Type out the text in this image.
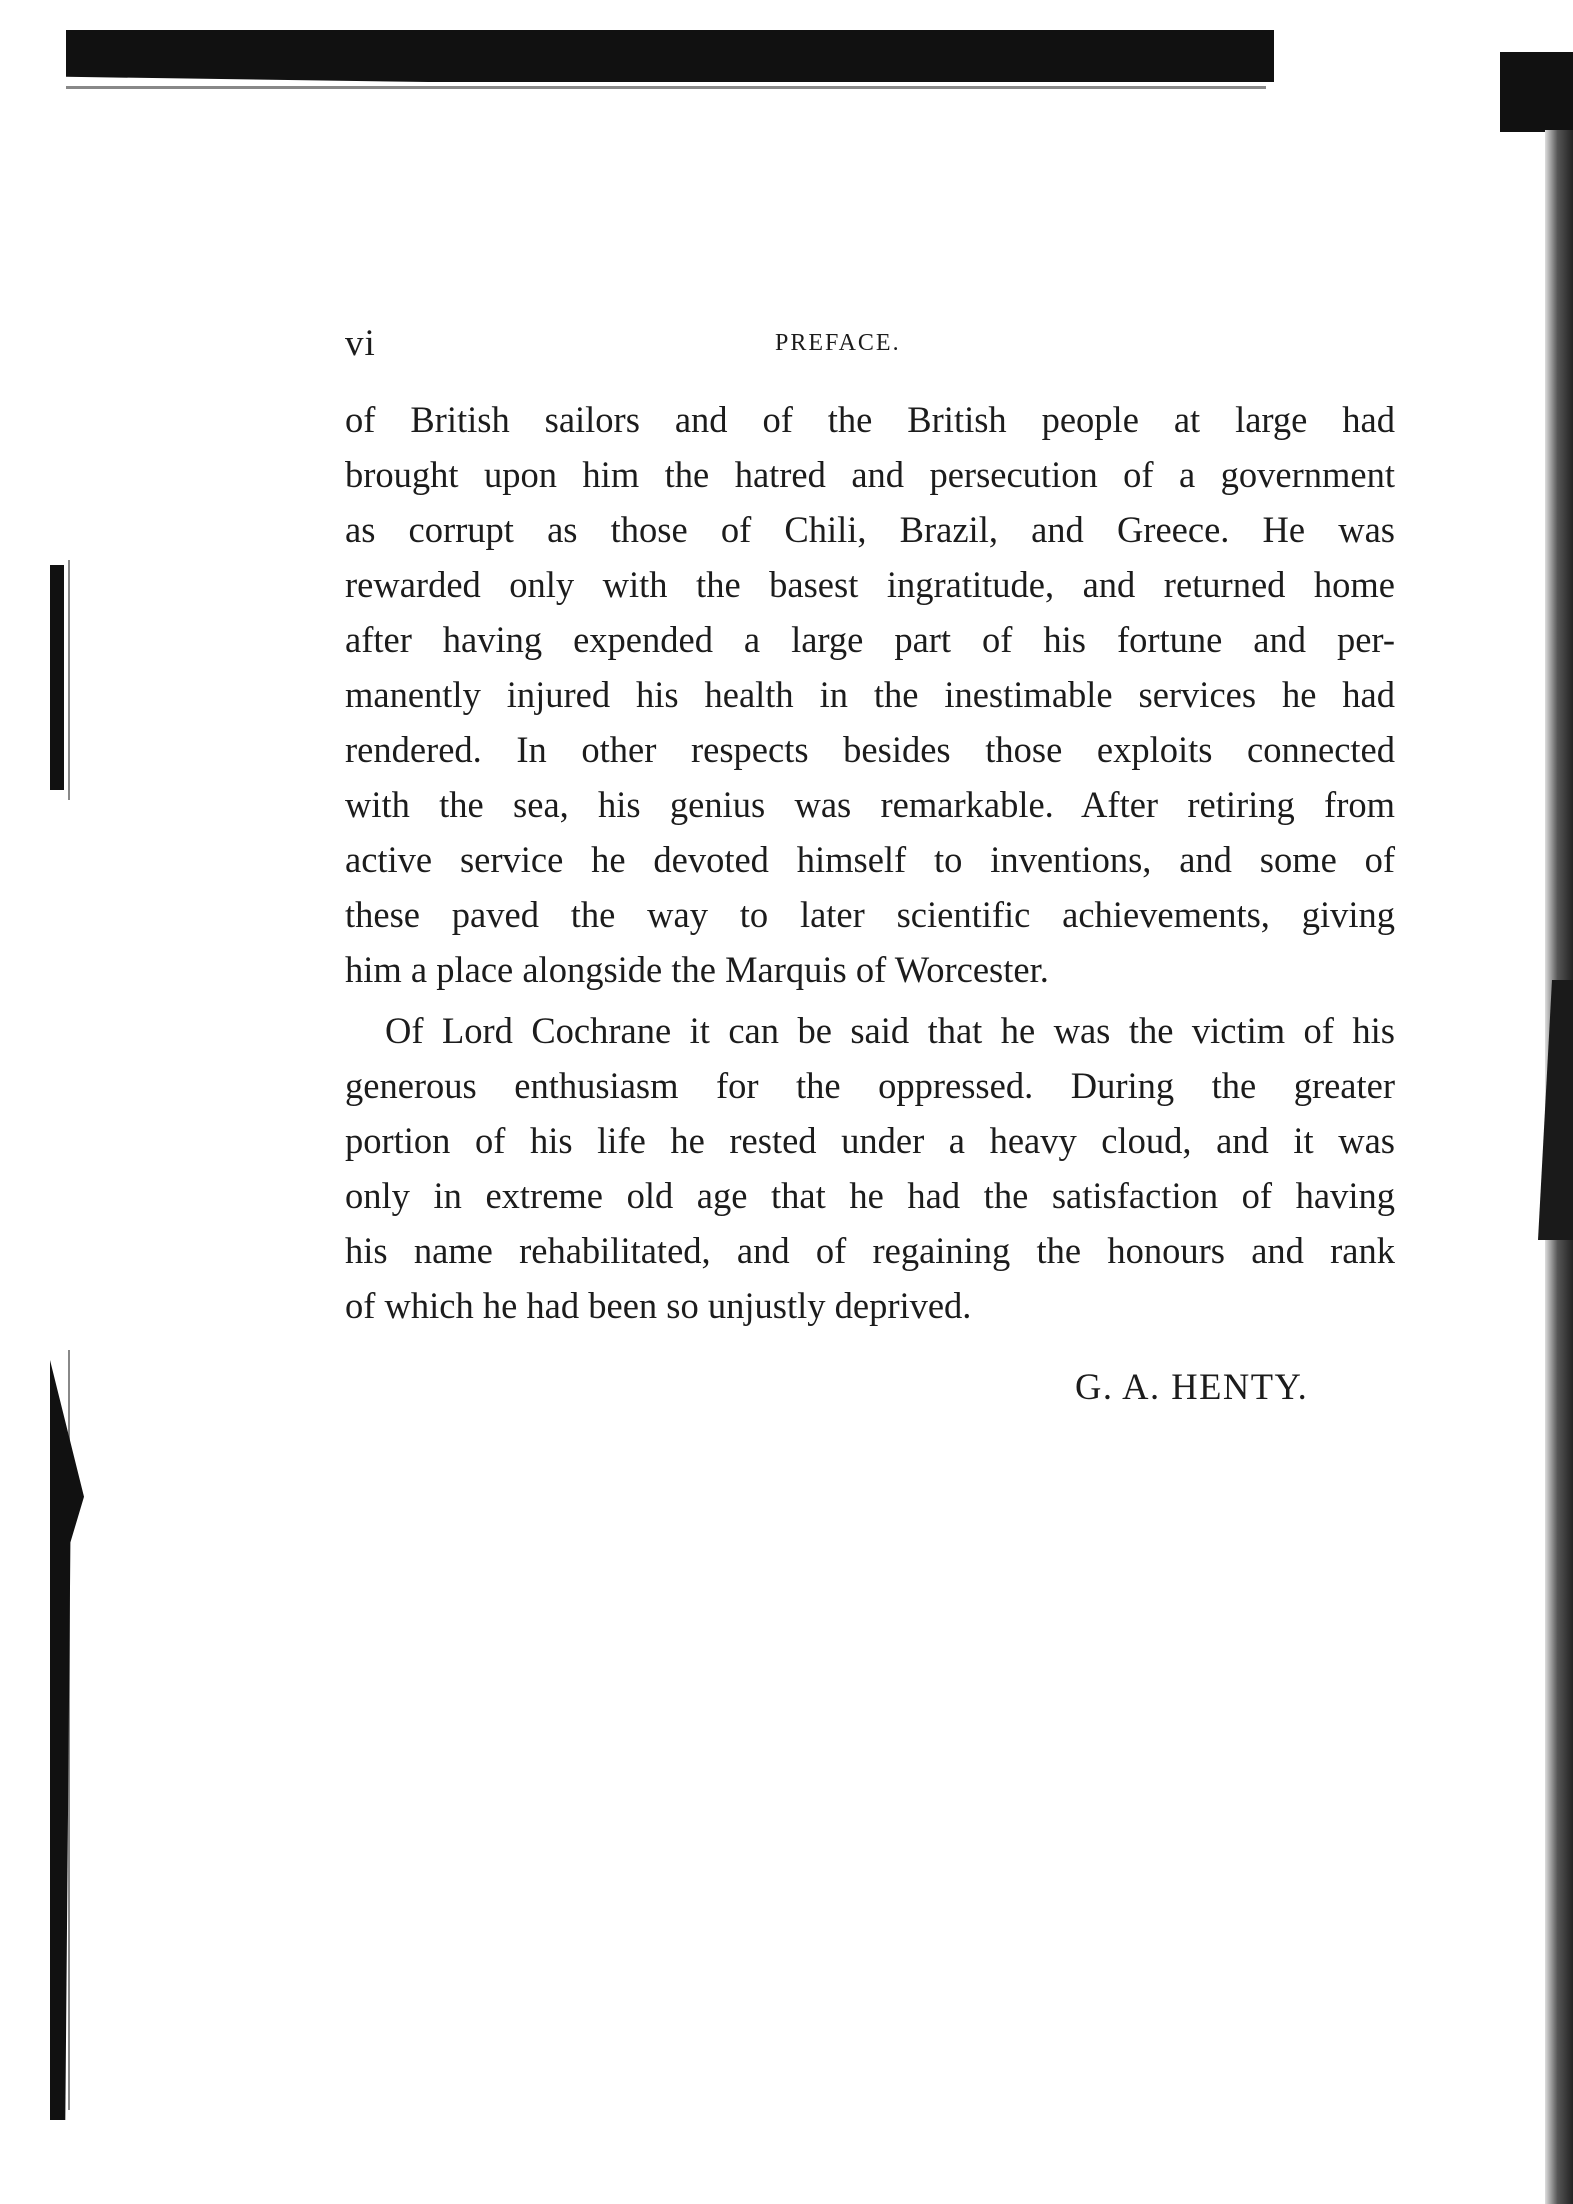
vi	PREFACE.
of British sailors and of the British people at large had
brought upon him the hatred and persecution of a government
as corrupt as those of Chili, Brazil, and Greece. He was
rewarded only with the basest ingratitude, and returned home
after having expended a large part of his fortune and per-
manently injured his health in the inestimable services he had
rendered. In other respects besides those exploits connected
with the sea, his genius was remarkable. After retiring from
active service he devoted himself to inventions, and some of
these paved the way to later scientific achievements, giving
him a place alongside the Marquis of Worcester.
Of Lord Cochrane it can be said that he was the victim of his
generous enthusiasm for the oppressed. During the greater
portion of his life he rested under a heavy cloud, and it was
only in extreme old age that he had the satisfaction of having
his name rehabilitated, and of regaining the honours and rank
of which he had been so unjustly deprived.
G. A. HENTY.
